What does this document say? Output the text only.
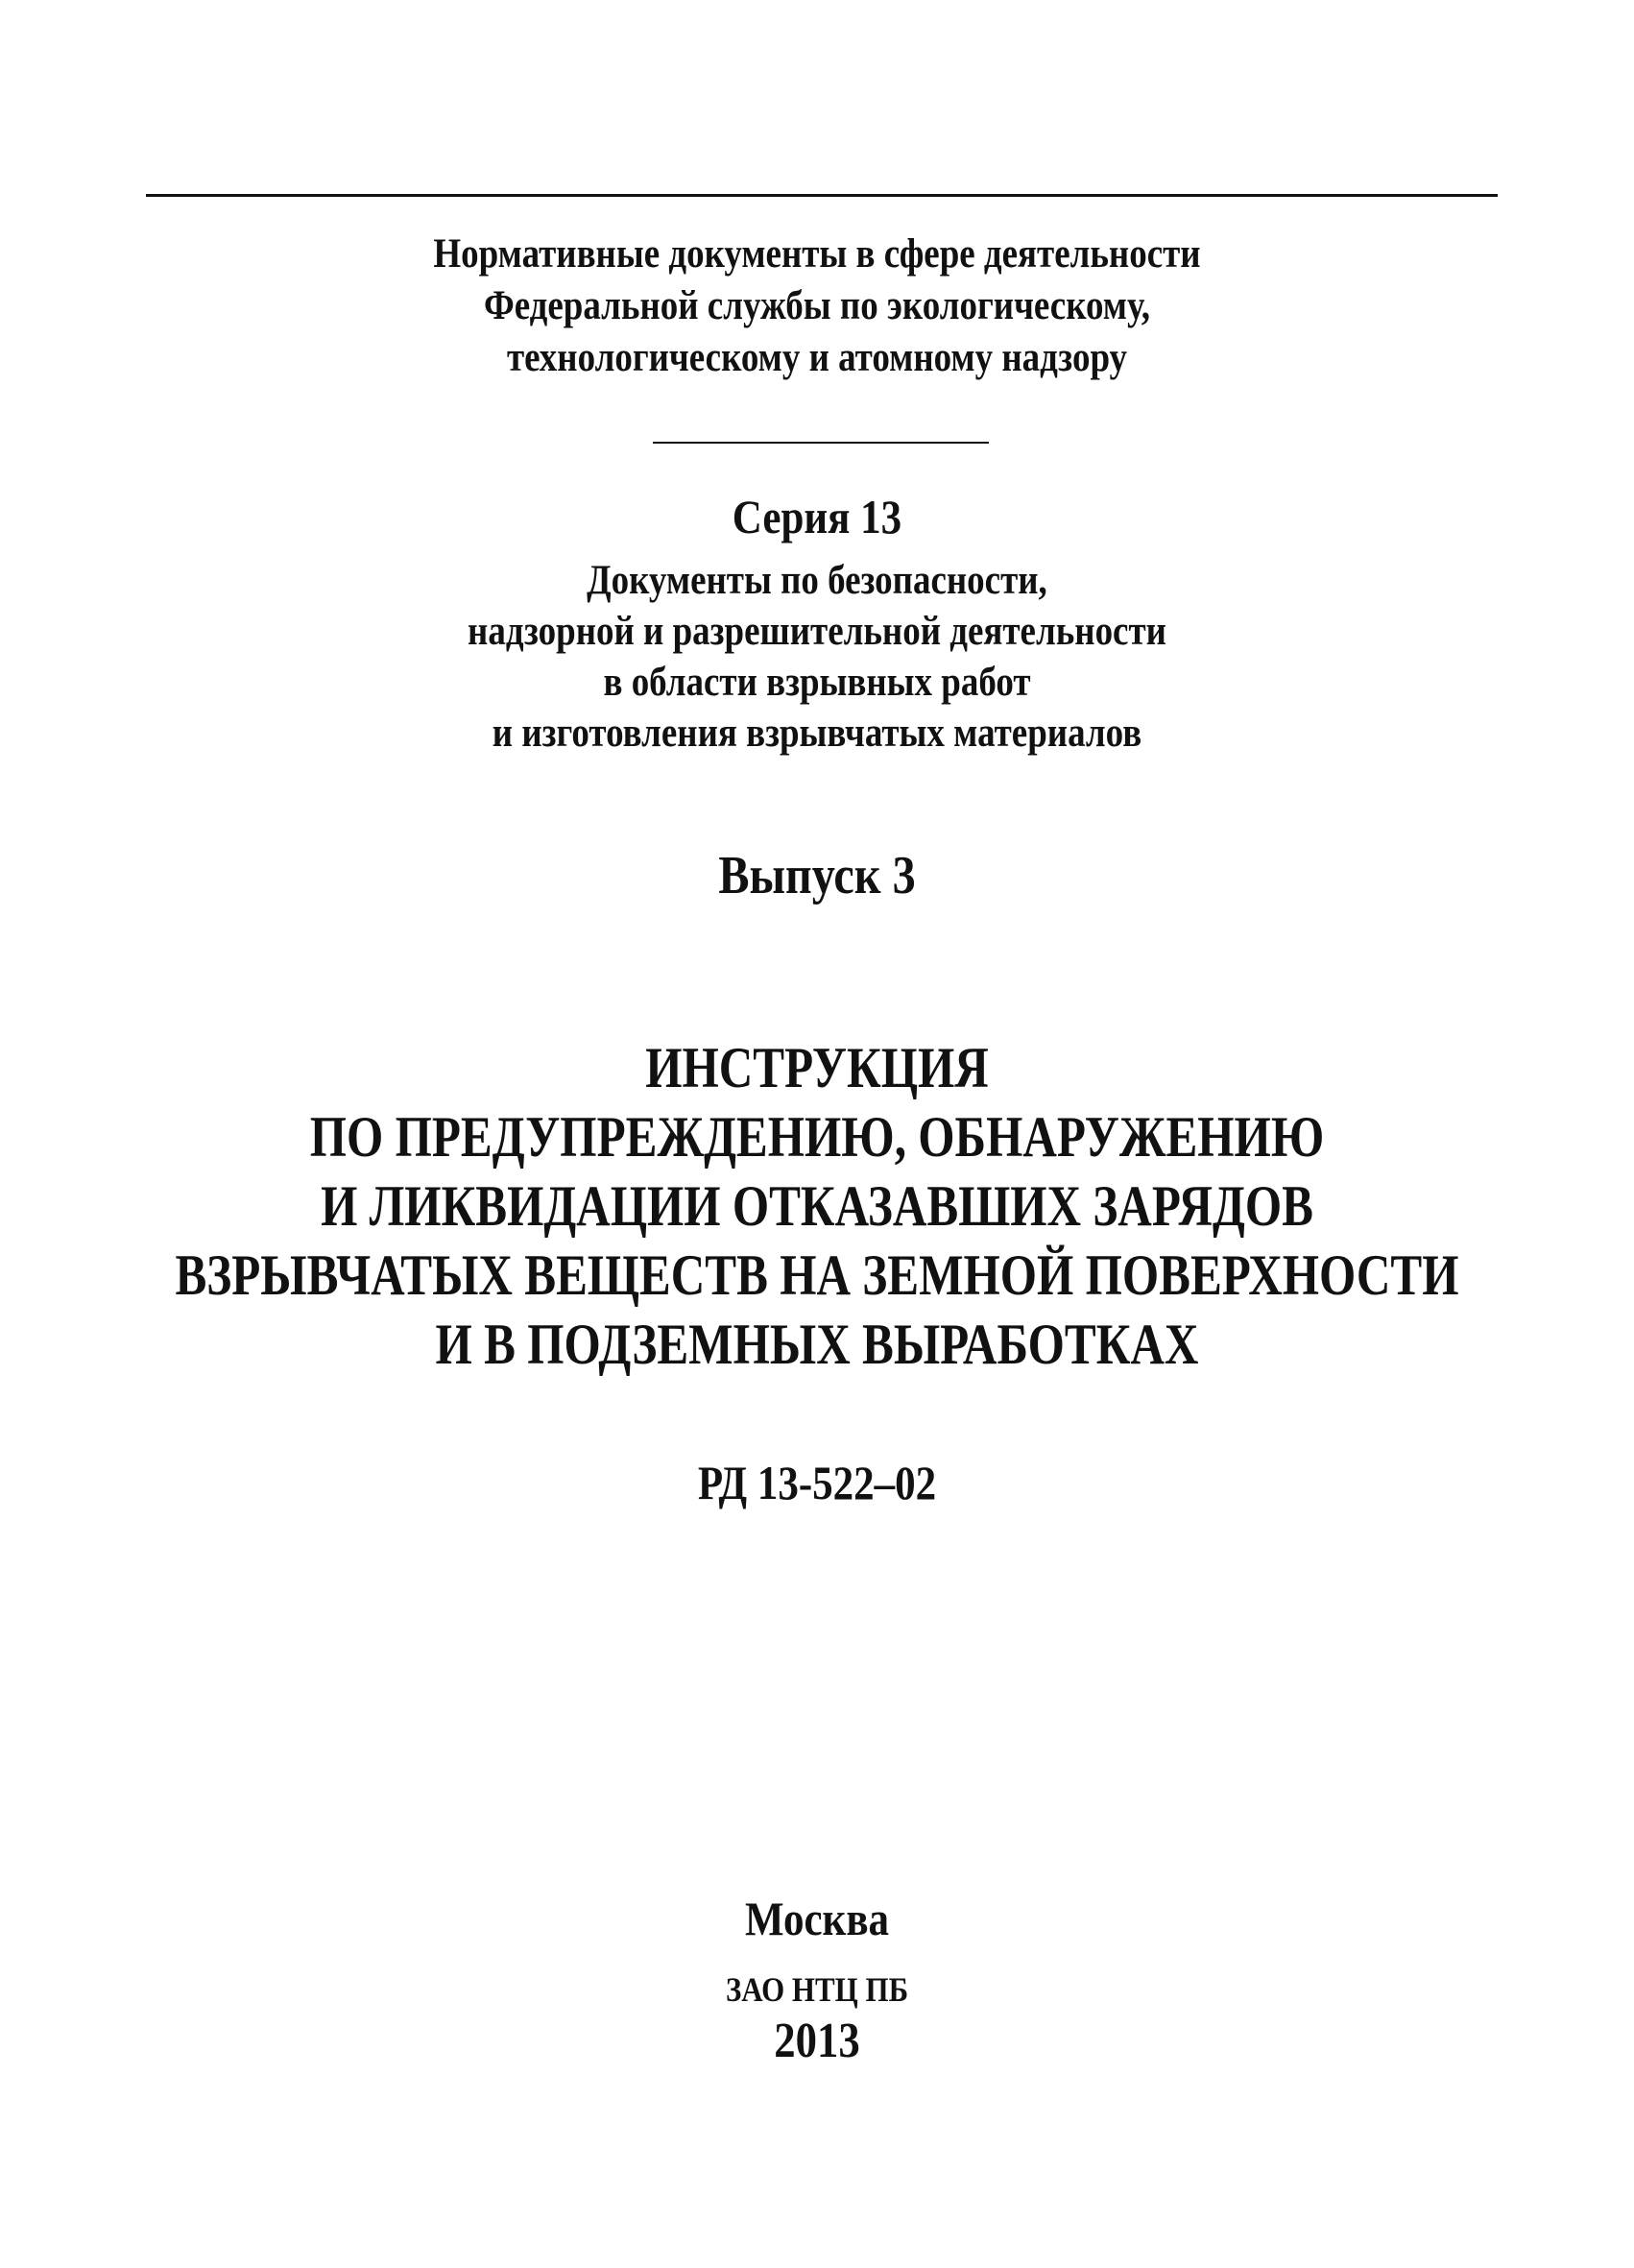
Нормативные документы в сфере деятельности
Федеральной службы по экологическому,
технологическому и атомному надзору
Серия 13
Документы по безопасности,
надзорной и разрешительной деятельности
в области взрывных работ
и изготовления взрывчатых материалов
Выпуск 3
ИНСТРУКЦИЯ
ПО ПРЕДУПРЕЖДЕНИЮ, ОБНАРУЖЕНИЮ
И ЛИКВИДАЦИИ ОТКАЗАВШИХ ЗАРЯДОВ
ВЗРЫВЧАТЫХ ВЕЩЕСТВ НА ЗЕМНОЙ ПОВЕРХНОСТИ
И В ПОДЗЕМНЫХ ВЫРАБОТКАХ
РД 13-522–02
Москва
ЗАО НТЦ ПБ
2013
